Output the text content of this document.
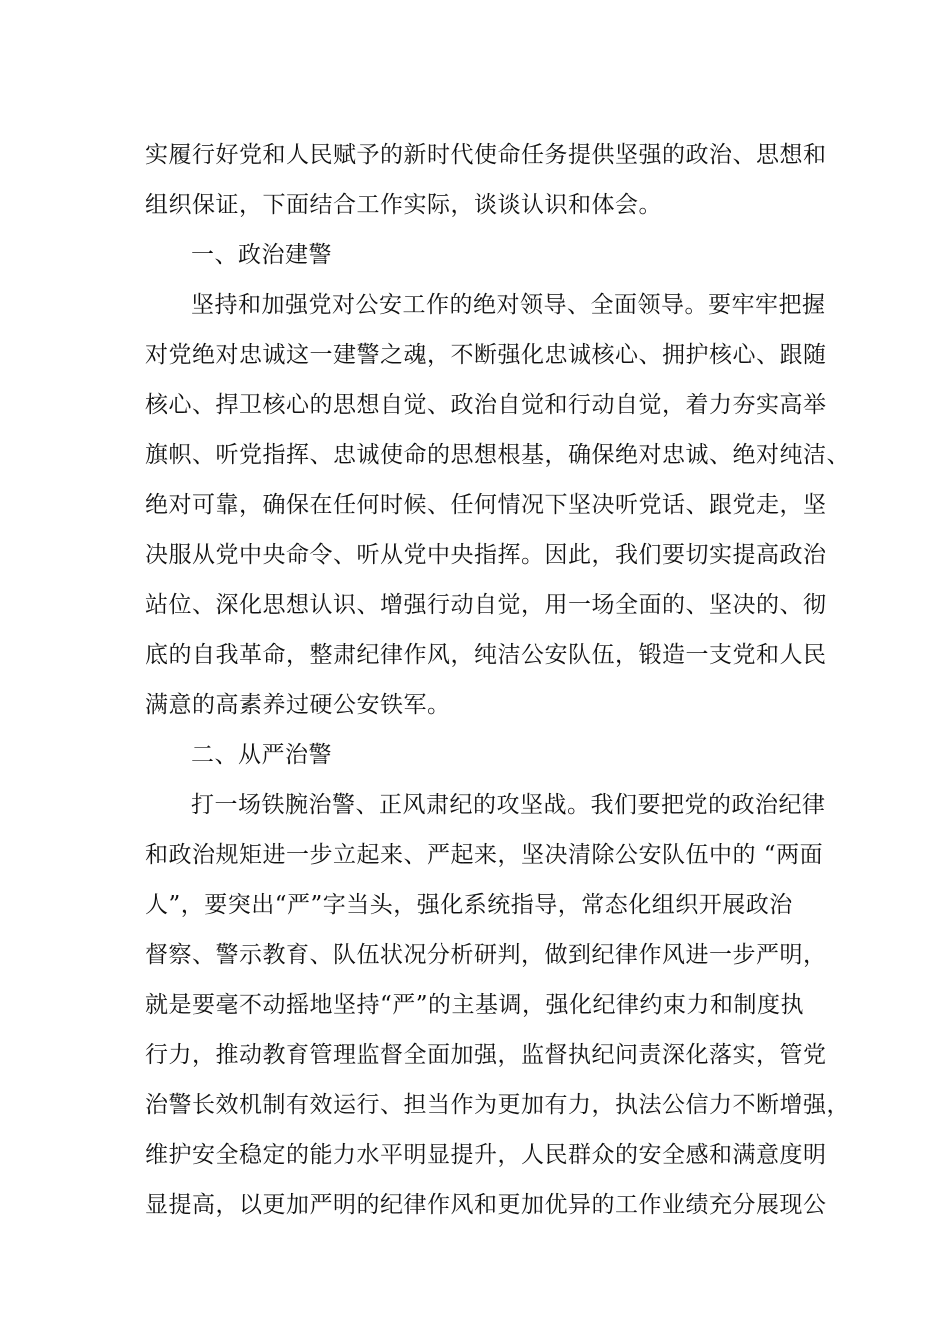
实履行好党和人民赋予的新时代使命任务提供坚强的政治、思想和
组织保证，下面结合工作实际，谈谈认识和体会。
一、政治建警
坚持和加强党对公安工作的绝对领导、全面领导。要牢牢把握
对党绝对忠诚这一建警之魂，不断强化忠诚核心、拥护核心、跟随
核心、捍卫核心的思想自觉、政治自觉和行动自觉，着力夯实高举
旗帜、听党指挥、忠诚使命的思想根基，确保绝对忠诚、绝对纯洁、
绝对可靠，确保在任何时候、任何情况下坚决听党话、跟党走，坚
决服从党中央命令、听从党中央指挥。因此，我们要切实提高政治
站位、深化思想认识、增强行动自觉，用一场全面的、坚决的、彻
底的自我革命，整肃纪律作风，纯洁公安队伍，锻造一支党和人民
满意的高素养过硬公安铁军。
二、从严治警
打一场铁腕治警、正风肃纪的攻坚战。我们要把党的政治纪律
和政治规矩进一步立起来、严起来，坚决清除公安队伍中的 “两面
人”，要突出“严”字当头，强化系统指导，常态化组织开展政治
督察、警示教育、队伍状况分析研判，做到纪律作风进一步严明，
就是要毫不动摇地坚持“严”的主基调，强化纪律约束力和制度执
行力，推动教育管理监督全面加强，监督执纪问责深化落实，管党
治警长效机制有效运行、担当作为更加有力，执法公信力不断增强，
维护安全稳定的能力水平明显提升，人民群众的安全感和满意度明
显提高，以更加严明的纪律作风和更加优异的工作业绩充分展现公
